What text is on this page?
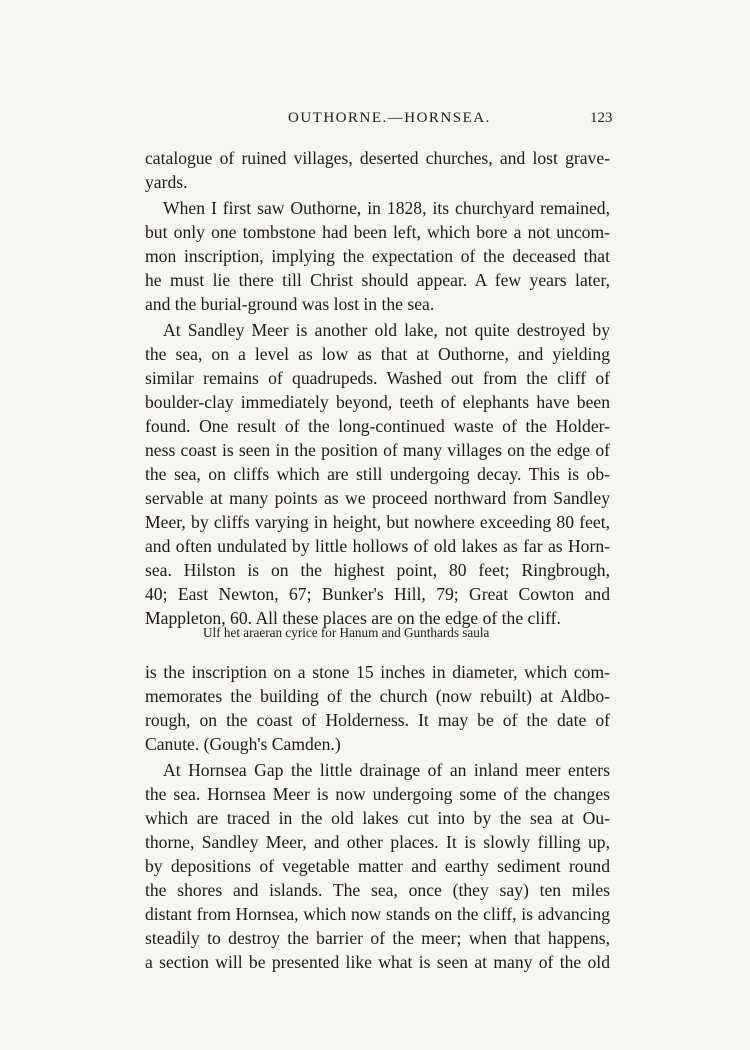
OUTHORNE.—HORNSEA.	123
catalogue of ruined villages, deserted churches, and lost grave-
yards.
When I first saw Outhorne, in 1828, its churchyard remained,
but only one tombstone had been left, which bore a not uncom-
mon inscription, implying the expectation of the deceased that
he must lie there till Christ should appear. A few years later,
and the burial-ground was lost in the sea.
At Sandley Meer is another old lake, not quite destroyed by
the sea, on a level as low as that at Outhorne, and yielding
similar remains of quadrupeds. Washed out from the cliff of
boulder-clay immediately beyond, teeth of elephants have been
found. One result of the long-continued waste of the Holder-
ness coast is seen in the position of many villages on the edge of
the sea, on cliffs which are still undergoing decay. This is ob-
servable at many points as we proceed northward from Sandley
Meer, by cliffs varying in height, but nowhere exceeding 80 feet,
and often undulated by little hollows of old lakes as far as Horn-
sea. Hilston is on the highest point, 80 feet; Ringbrough,
40; East Newton, 67; Bunker's Hill, 79; Great Cowton and
Mappleton, 60. All these places are on the edge of the cliff.
Ulf het araeran cyrice for Hanum and Gunthards saula
is the inscription on a stone 15 inches in diameter, which com-
memorates the building of the church (now rebuilt) at Aldbo-
rough, on the coast of Holderness. It may be of the date of
Canute. (Gough's Camden.)
At Hornsea Gap the little drainage of an inland meer enters
the sea. Hornsea Meer is now undergoing some of the changes
which are traced in the old lakes cut into by the sea at Ou-
thorne, Sandley Meer, and other places. It is slowly filling up,
by depositions of vegetable matter and earthy sediment round
the shores and islands. The sea, once (they say) ten miles
distant from Hornsea, which now stands on the cliff, is advancing
steadily to destroy the barrier of the meer; when that happens,
a section will be presented like what is seen at many of the old
